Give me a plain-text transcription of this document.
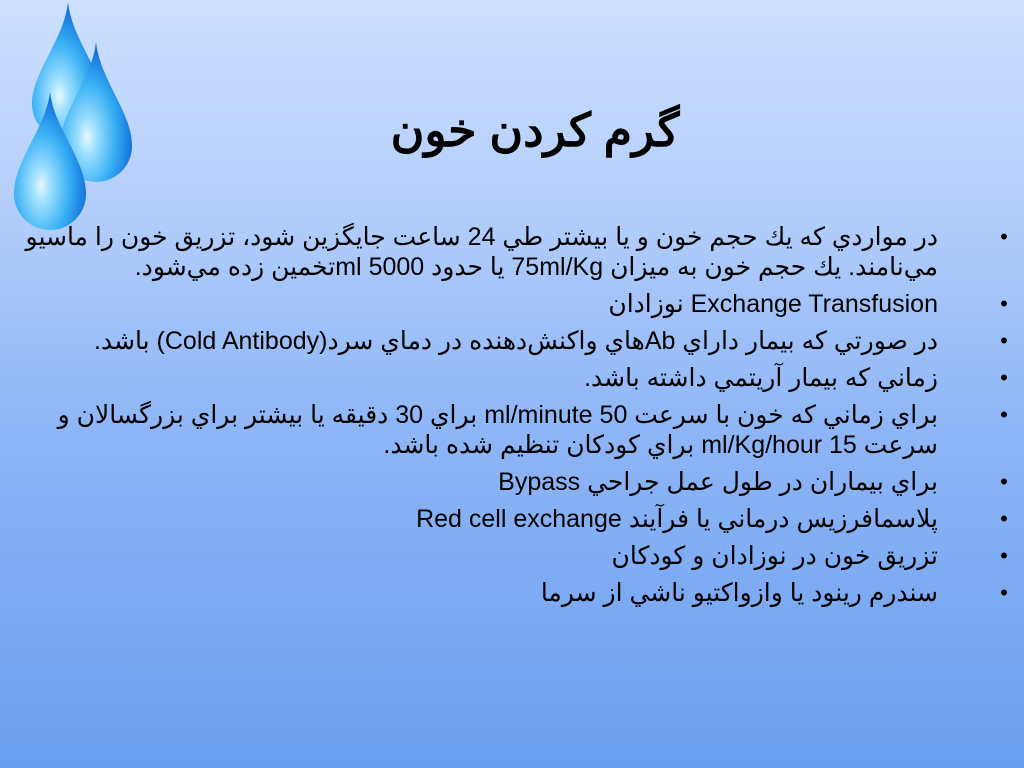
گرم کردن خون
•
در مواردي كه يك حجم خون و يا بيشتر طي 24 ساعت جايگزين شود، تزريق خون را ماسيو مي‌نامند. يك حجم خون به ميزان 75ml/Kg يا حدود 5000 mlتخمين زده مي‌شود.
•
Exchange Transfusion نوزادان
•
در صورتي كه بيمار داراي Abهاي واكنش‌دهنده در دماي سرد(Cold Antibody) باشد.
•
زماني كه بيمار آريتمي داشته باشد.
•
براي زماني كه خون با سرعت 50 ml/minute براي 30 دقيقه يا بيشتر براي بزرگسالان و سرعت 15 ml/Kg/hour براي كودكان تنظيم شده باشد.
•
براي بيماران در طول عمل جراحي Bypass
•
پلاسمافرزيس درماني يا فرآيند Red cell exchange
•
تزريق خون در نوزادان و كودكان
•
سندرم رينود يا وازواكتيو ناشي از سرما
